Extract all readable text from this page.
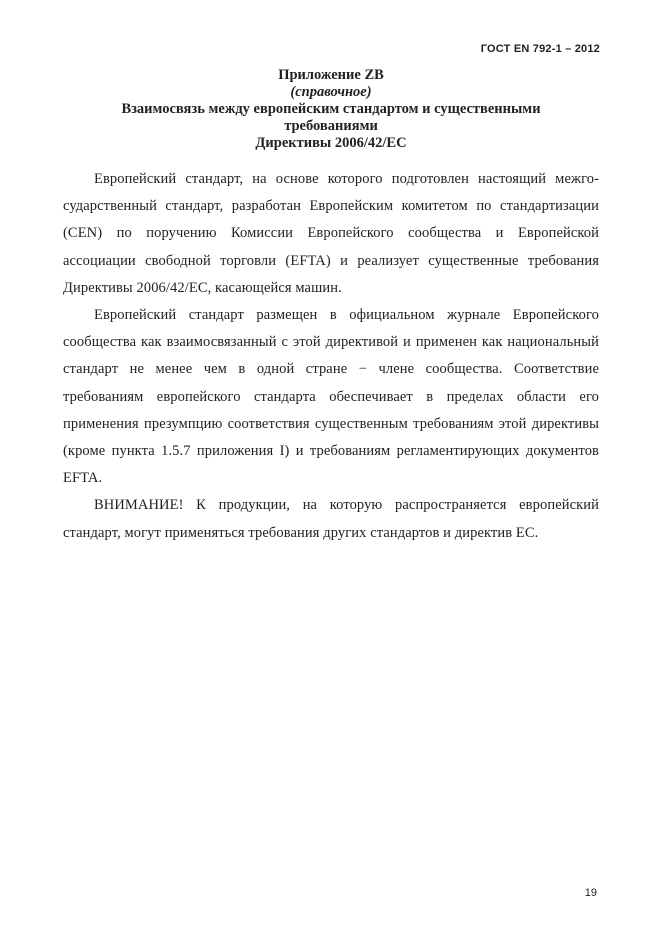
ГОСТ EN 792-1 – 2012
Приложение ZB
(справочное)
Взаимосвязь между европейским стандартом и существенными
требованиями
Директивы 2006/42/ЕС

Европейский стандарт, на основе которого подготовлен настоящий межгосударственный стандарт, разработан Европейским комитетом по стандартизации (CEN) по поручению Комиссии Европейского сообщества и Европейской ассоциации свободной торговли (EFTA) и реализует существенные требования Директивы 2006/42/EC, касающейся машин.

Европейский стандарт размещен в официальном журнале Европейского сообщества как взаимосвязанный с этой директивой и применен как национальный стандарт не менее чем в одной стране − члене сообщества. Соответствие требованиям европейского стандарта обеспечивает в пределах области его применения презумпцию соответствия существенным требованиям этой директивы (кроме пункта 1.5.7 приложения I) и требованиям регламентирующих документов EFTA.

ВНИМАНИЕ! К продукции, на которую распространяется европейский стандарт, могут применяться требования других стандартов и директив ЕС.

19
